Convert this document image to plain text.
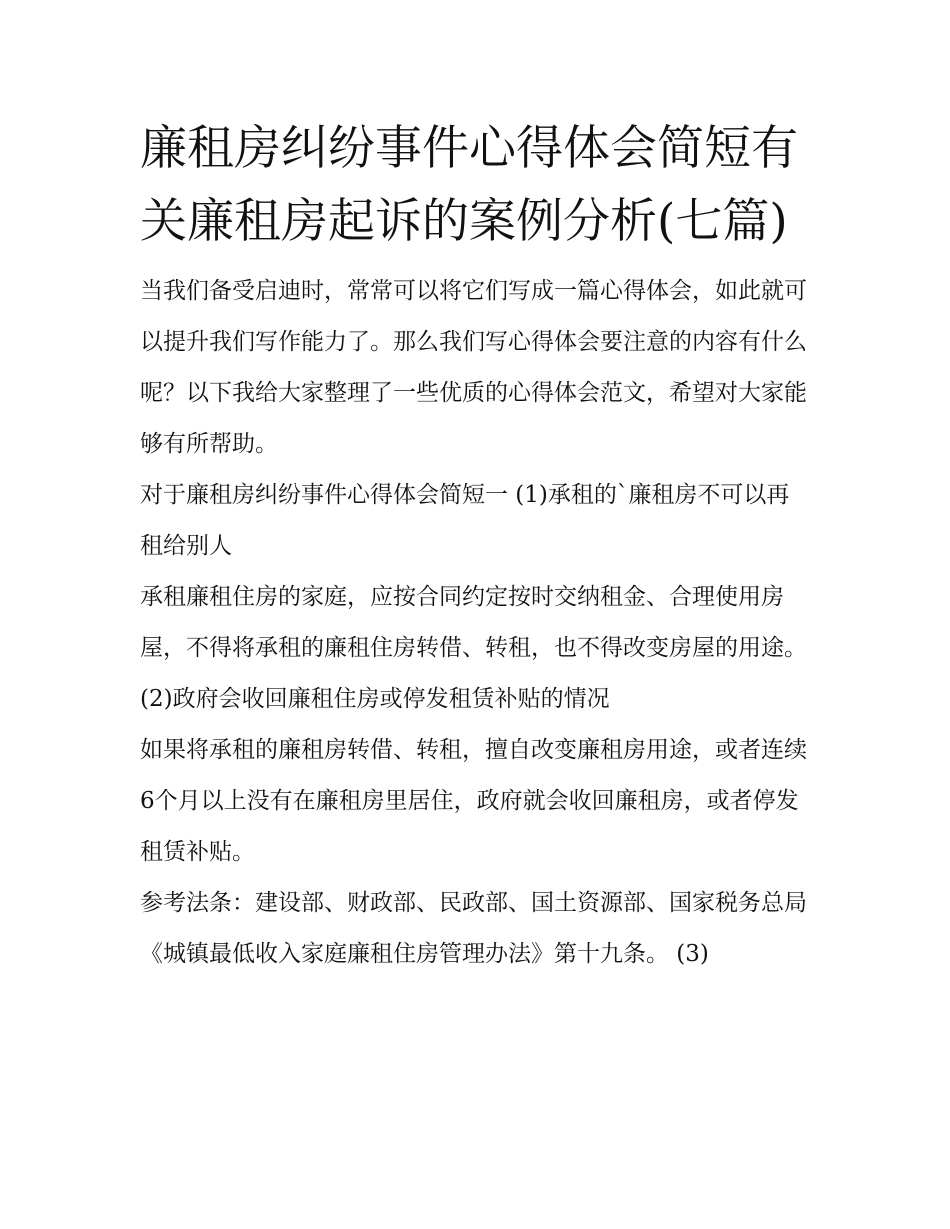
廉租房纠纷事件心得体会简短有关廉租房起诉的案例分析(七篇)

当我们备受启迪时，常常可以将它们写成一篇心得体会，如此就可以提升我们写作能力了。那么我们写心得体会要注意的内容有什么呢？以下我给大家整理了一些优质的心得体会范文，希望对大家能够有所帮助。

对于廉租房纠纷事件心得体会简短一 (1)承租的`廉租房不可以再租给别人

承租廉租住房的家庭，应按合同约定按时交纳租金、合理使用房屋，不得将承租的廉租住房转借、转租，也不得改变房屋的用途。

(2)政府会收回廉租住房或停发租赁补贴的情况

如果将承租的廉租房转借、转租，擅自改变廉租房用途，或者连续6个月以上没有在廉租房里居住，政府就会收回廉租房，或者停发租赁补贴。

参考法条：建设部、财政部、民政部、国土资源部、国家税务总局《城镇最低收入家庭廉租住房管理办法》第十九条。 (3)
